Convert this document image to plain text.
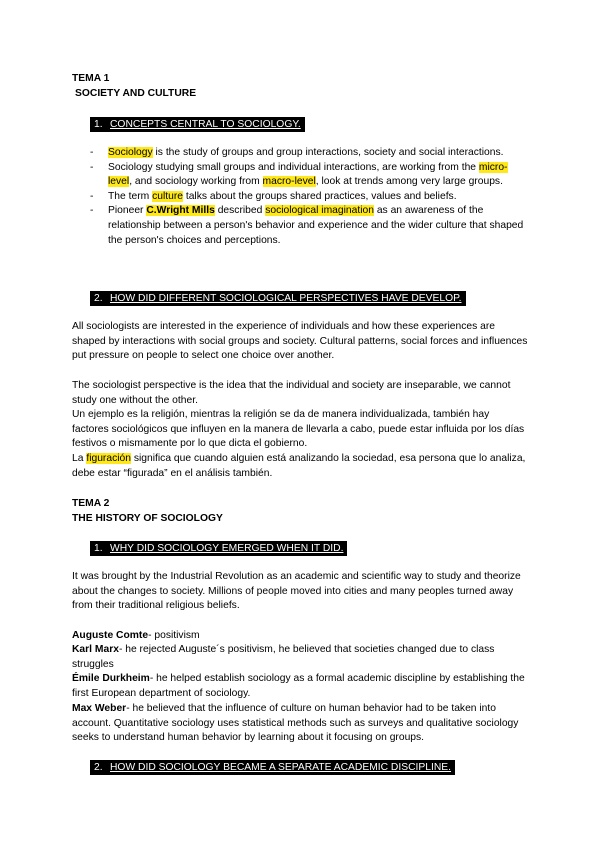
TEMA 1
SOCIETY AND CULTURE
1. CONCEPTS CENTRAL TO SOCIOLOGY.
- Sociology is the study of groups and group interactions, society and social interactions.
- Sociology studying small groups and individual interactions, are working from the micro-level, and sociology working from macro-level, look at trends among very large groups.
- The term culture talks about the groups shared practices, values and beliefs.
- Pioneer C.Wright Mills described sociological imagination as an awareness of the relationship between a person's behavior and experience and the wider culture that shaped the person's choices and perceptions.
2. HOW DID DIFFERENT SOCIOLOGICAL PERSPECTIVES HAVE DEVELOP.

All sociologists are interested in the experience of individuals and how these experiences are shaped by interactions with social groups and society. Cultural patterns, social forces and influences put pressure on people to select one choice over another.

The sociologist perspective is the idea that the individual and society are inseparable, we cannot study one without the other.

Un ejemplo es la religión, mientras la religión se da de manera individualizada, también hay factores sociológicos que influyen en la manera de llevarla a cabo, puede estar influida por los días festivos o mismamente por lo que dicta el gobierno.

La figuración significa que cuando alguien está analizando la sociedad, esa persona que lo analiza, debe estar “figurada” en el análisis también.

TEMA 2
THE HISTORY OF SOCIOLOGY
1. WHY DID SOCIOLOGY EMERGED WHEN IT DID.

It was brought by the Industrial Revolution as an academic and scientific way to study and theorize about the changes to society. Millions of people moved into cities and many peoples turned away from their traditional religious beliefs.

Auguste Comte- positivism

Karl Marx- he rejected Auguste´s positivism, he believed that societies changed due to class struggles

Émile Durkheim- he helped establish sociology as a formal academic discipline by establishing the first European department of sociology.

Max Weber- he believed that the influence of culture on human behavior had to be taken into account. Quantitative sociology uses statistical methods such as surveys and qualitative sociology seeks to understand human behavior by learning about it focusing on groups.

2. HOW DID SOCIOLOGY BECAME A SEPARATE ACADEMIC DISCIPLINE.
